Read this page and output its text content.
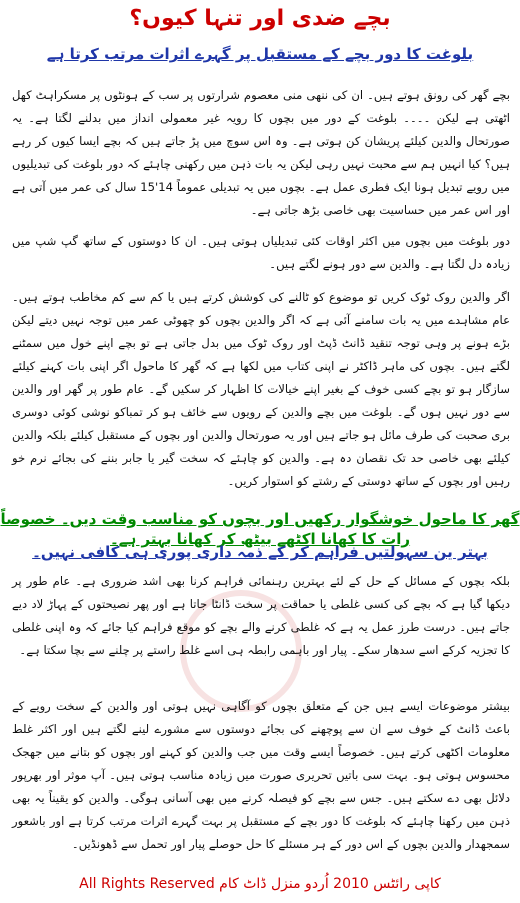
بچے ضدی اور تنہا کیوں؟
بلوغت کا دور بچے کے مستقبل پر گہرے اثرات مرتب کرتا ہے
بچے گھر کی رونق ہوتے ہیں۔ ان کی ننھی منی معصوم شرارتوں پر سب کے ہونٹوں پر مسکراہٹ کھل اٹھتی ہے لیکن ۔۔۔۔ بلوغت کے دور میں بچوں کا رویہ غیر معمولی انداز میں بدلنے لگتا ہے۔ یہ صورتحال والدین کیلئے پریشان کن ہوتی ہے۔ وہ اس سوچ میں پڑ جاتے ہیں کہ بچے ایسا کیوں کر رہے ہیں؟ کیا انہیں ہم سے محبت نہیں رہی لیکن یہ بات ذہن میں رکھنی چاہئے کہ دور بلوغت کی تبدیلیوں میں رویے تبدیل ہونا ایک فطری عمل ہے۔ بچوں میں یہ تبدیلی عموماً 14'15 سال کی عمر میں آتی ہے اور اس عمر میں حساسیت بھی خاصی بڑھ جاتی ہے۔
دور بلوغت میں بچوں میں اکثر اوقات کئی تبدیلیاں ہوتی ہیں۔ ان کا دوستوں کے ساتھ گپ شپ میں زیادہ دل لگتا ہے۔ والدین سے دور ہونے لگتے ہیں۔
اگر والدین روک ٹوک کریں تو موضوع کو ٹالنے کی کوشش کرتے ہیں یا کم سے کم مخاطب ہوتے ہیں۔ عام مشاہدے میں یہ بات سامنے آئی ہے کہ اگر والدین بچوں کو چھوٹی عمر میں توجہ نہیں دیتے لیکن بڑے ہونے پر وہی توجہ تنقید ڈانٹ ڈپٹ اور روک ٹوک میں بدل جاتی ہے تو بچے اپنے خول میں سمٹنے لگتے ہیں۔ بچوں کی ماہر ڈاکٹر نے اپنی کتاب میں لکھا ہے کہ گھر کا ماحول اگر اپنی بات کہنے کیلئے سازگار ہو تو بچے کسی خوف کے بغیر اپنے خیالات کا اظہار کر سکیں گے۔ عام طور پر گھر اور والدین سے دور نہیں ہوں گے۔ بلوغت میں بچے والدین کے رویوں سے خائف ہو کر تمباکو نوشی کوئی دوسری بری صحبت کی طرف مائل ہو جاتے ہیں اور یہ صورتحال والدین اور بچوں کے مستقبل کیلئے بلکہ والدین کیلئے بھی خاصی حد تک نقصان دہ ہے۔ والدین کو چاہئے کہ سخت گیر یا جابر بننے کی بجائے نرم خو رہیں اور بچوں کے ساتھ دوستی کے رشتے کو استوار کریں۔
گھر کا ماحول خوشگوار رکھیں اور بچوں کو مناسب وقت دیں۔ خصوصاً رات کا کھانا اکٹھے بیٹھ کر کھانا بہتر ہے۔
بہتر ین سہولتیں فراہم کر کے ذمہ داری پوری ہی کافی نہیں۔
بلکہ بچوں کے مسائل کے حل کے لئے بہترین رہنمائی فراہم کرنا بھی اشد ضروری ہے۔ عام طور پر دیکھا گیا ہے کہ بچے کی کسی غلطی یا حماقت پر سخت ڈانٹا جاتا ہے اور پھر نصیحتوں کے پہاڑ لاد دیے جاتے ہیں۔ درست طرز عمل یہ ہے کہ غلطی کرنے والے بچے کو موقع فراہم کیا جائے کہ وہ اپنی غلطی کا تجزیہ کرکے اسے سدھار سکے۔ پیار اور باہمی رابطہ ہی اسے غلط راستے پر چلنے سے بچا سکتا ہے۔
بیشتر موضوعات ایسے ہیں جن کے متعلق بچوں کو آگاہی نہیں ہوتی اور والدین کے سخت رویے کے باعث ڈانٹ کے خوف سے ان سے پوچھنے کی بجائے دوستوں سے مشورے لینے لگتے ہیں اور اکثر غلط معلومات اکٹھی کرتے ہیں۔ خصوصاً ایسے وقت میں جب والدین کو کہنے اور بچوں کو بتانے میں جھجک محسوس ہوتی ہو۔ بہت سی باتیں تحریری صورت میں زیادہ مناسب ہوتی ہیں۔ آپ موثر اور بھرپور دلائل بھی دے سکتے ہیں۔ جس سے بچے کو فیصلہ کرنے میں بھی آسانی ہوگی۔ والدین کو یقیناً یہ بھی ذہن میں رکھنا چاہئے کہ بلوغت کا دور بچے کے مستقبل پر بہت گہرے اثرات مرتب کرتا ہے اور باشعور سمجھدار والدین بچوں کے اس دور کے ہر مسئلے کا حل حوصلے پیار اور تحمل سے ڈھونڈیں۔
کاپی رائٹس 2010 اُردو منزل ڈاٹ کام All Rights Reserved
